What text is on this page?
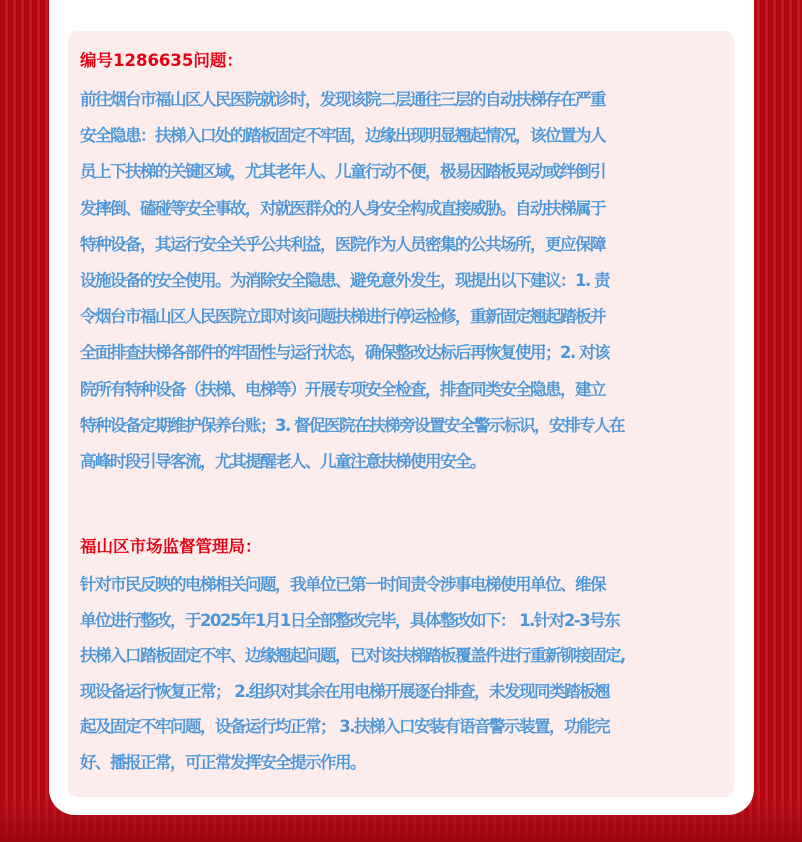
编号1286635问题：
前往烟台市福山区人民医院就诊时，发现该院二层通往三层的自动扶梯存在严重
安全隐患：扶梯入口处的踏板固定不牢固，边缘出现明显翘起情况，该位置为人
员上下扶梯的关键区域，尤其老年人、儿童行动不便，极易因踏板晃动或绊倒引
发摔倒、磕碰等安全事故，对就医群众的人身安全构成直接威胁。自动扶梯属于
特种设备，其运行安全关乎公共利益，医院作为人员密集的公共场所，更应保障
设施设备的安全使用。为消除安全隐患、避免意外发生，现提出以下建议：1. 责
令烟台市福山区人民医院立即对该问题扶梯进行停运检修，重新固定翘起踏板并
全面排查扶梯各部件的牢固性与运行状态，确保整改达标后再恢复使用；2. 对该
院所有特种设备（扶梯、电梯等）开展专项安全检查，排查同类安全隐患，建立
特种设备定期维护保养台账；3. 督促医院在扶梯旁设置安全警示标识，安排专人在
高峰时段引导客流，尤其提醒老人、儿童注意扶梯使用安全。
福山区市场监督管理局：
针对市民反映的电梯相关问题，我单位已第一时间责令涉事电梯使用单位、维保
单位进行整改，于2025年1月1日全部整改完毕，具体整改如下： 1.针对2-3号东
扶梯入口踏板固定不牢、边缘翘起问题，已对该扶梯踏板覆盖件进行重新铆接固定,
现设备运行恢复正常； 2.组织对其余在用电梯开展逐台排查，未发现同类踏板翘
起及固定不牢问题，设备运行均正常； 3.扶梯入口安装有语音警示装置，功能完
好、播报正常，可正常发挥安全提示作用。
